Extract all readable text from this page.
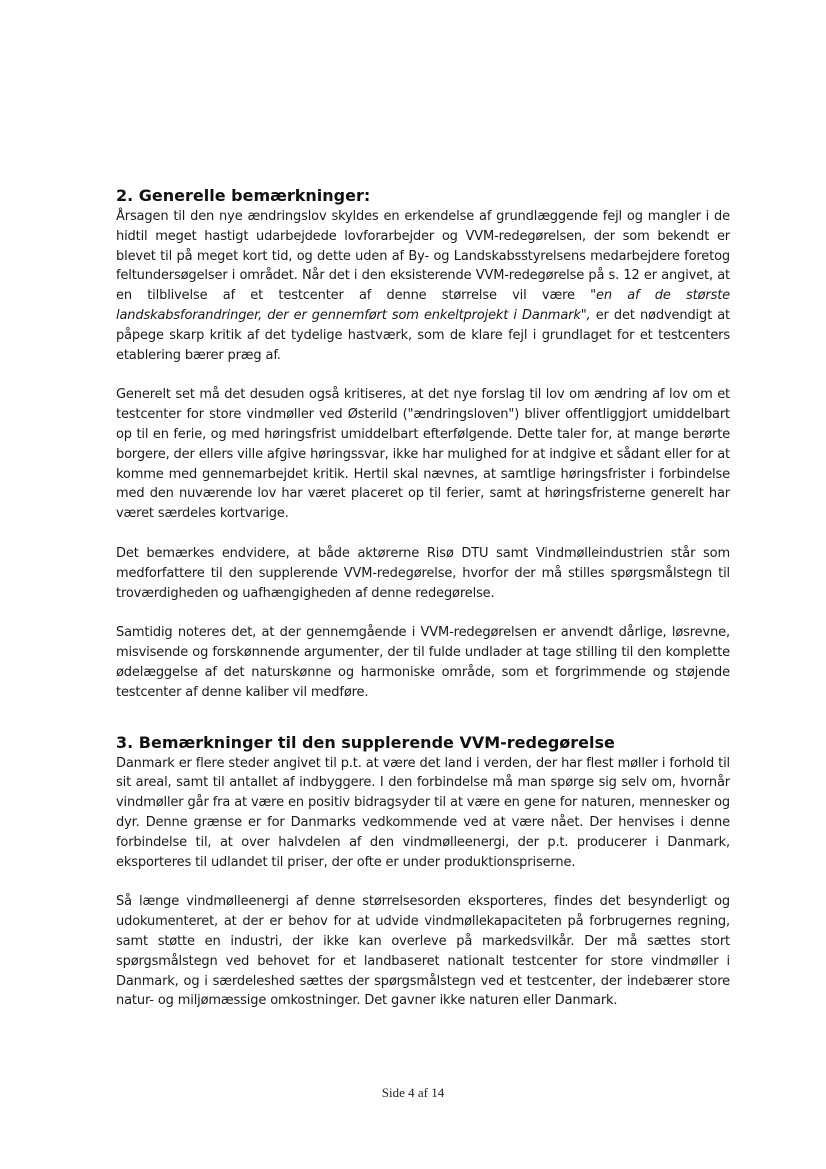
2. Generelle bemærkninger:

Årsagen til den nye ændringslov skyldes en erkendelse af grundlæggende fejl og mangler i de hidtil meget hastigt udarbejdede lovforarbejder og VVM-redegørelsen, der som bekendt er blevet til på meget kort tid, og dette uden af By- og Landskabsstyrelsens medarbejdere foretog feltundersøgelser i området. Når det i den eksisterende VVM-redegørelse på s. 12 er angivet, at en tilblivelse af et testcenter af denne størrelse vil være "en af de største landskabsforandringer, der er gennemført som enkeltprojekt i Danmark", er det nødvendigt at påpege skarp kritik af det tydelige hastværk, som de klare fejl i grundlaget for et testcenters etablering bærer præg af.

Generelt set må det desuden også kritiseres, at det nye forslag til lov om ændring af lov om et testcenter for store vindmøller ved Østerild ("ændringsloven") bliver offentliggjort umiddelbart op til en ferie, og med høringsfrist umiddelbart efterfølgende. Dette taler for, at mange berørte borgere, der ellers ville afgive høringssvar, ikke har mulighed for at indgive et sådant eller for at komme med gennemarbejdet kritik. Hertil skal nævnes, at samtlige høringsfrister i forbindelse med den nuværende lov har været placeret op til ferier, samt at høringsfristerne generelt har været særdeles kortvarige.

Det bemærkes endvidere, at både aktørerne Risø DTU samt Vindmølleindustrien står som medforfattere til den supplerende VVM-redegørelse, hvorfor der må stilles spørgsmålstegn til troværdigheden og uafhængigheden af denne redegørelse.

Samtidig noteres det, at der gennemgående i VVM-redegørelsen er anvendt dårlige, løsrevne, misvisende og forskønnende argumenter, der til fulde undlader at tage stilling til den komplette ødelæggelse af det naturskønne og harmoniske område, som et forgrimmende og støjende testcenter af denne kaliber vil medføre.

3. Bemærkninger til den supplerende VVM-redegørelse

Danmark er flere steder angivet til p.t. at være det land i verden, der har flest møller i forhold til sit areal, samt til antallet af indbyggere. I den forbindelse må man spørge sig selv om, hvornår vindmøller går fra at være en positiv bidragsyder til at være en gene for naturen, mennesker og dyr. Denne grænse er for Danmarks vedkommende ved at være nået. Der henvises i denne forbindelse til, at over halvdelen af den vindmølleenergi, der p.t. producerer i Danmark, eksporteres til udlandet til priser, der ofte er under produktionspriserne.

Så længe vindmølleenergi af denne størrelsesorden eksporteres, findes det besynderligt og udokumenteret, at der er behov for at udvide vindmøllekapaciteten på forbrugernes regning, samt støtte en industri, der ikke kan overleve på markedsvilkår. Der må sættes stort spørgsmålstegn ved behovet for et landbaseret nationalt testcenter for store vindmøller i Danmark, og i særdeleshed sættes der spørgsmålstegn ved et testcenter, der indebærer store natur- og miljømæssige omkostninger. Det gavner ikke naturen eller Danmark.

Side 4 af 14
